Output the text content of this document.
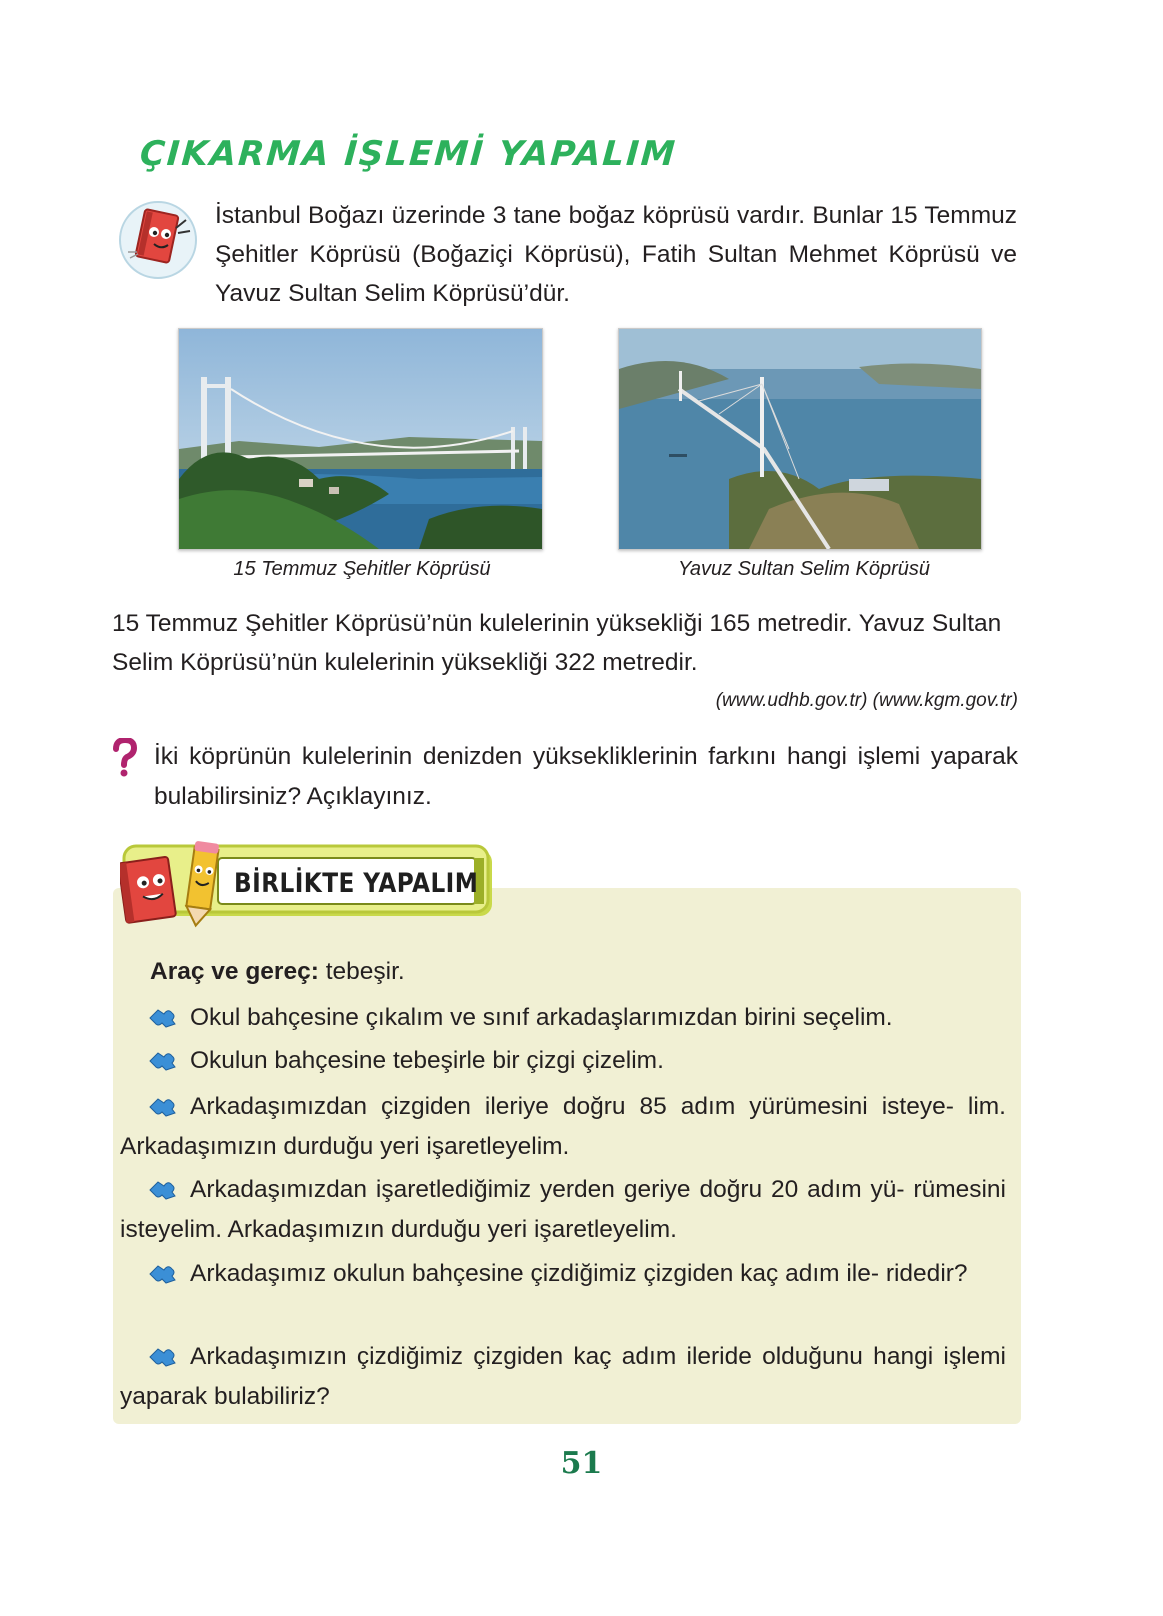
ÇIKARMA İŞLEMİ YAPALIM
İstanbul Boğazı üzerinde 3 tane boğaz köprüsü vardır. Bunlar 15 Temmuz Şehitler Köprüsü (Boğaziçi Köprüsü), Fatih Sultan Mehmet Köprüsü ve Yavuz Sultan Selim Köprüsü’dür.
15 Temmuz Şehitler Köprüsü	Yavuz Sultan Selim Köprüsü
15 Temmuz Şehitler Köprüsü’nün kulelerinin yüksekliği 165 metredir. Yavuz Sultan Selim Köprüsü’nün kulelerinin yüksekliği 322 metredir.
(www.udhb.gov.tr) (www.kgm.gov.tr)
İki köprünün kulelerinin denizden yüksekliklerinin farkını hangi işlemi yaparak bulabilirsiniz? Açıklayınız.
BİRLİKTE YAPALIM
Araç ve gereç: tebeşir.
Okul bahçesine çıkalım ve sınıf arkadaşlarımızdan birini seçelim.
Okulun bahçesine tebeşirle bir çizgi çizelim.
Arkadaşımızdan çizgiden ileriye doğru 85 adım yürümesini isteye- lim. Arkadaşımızın durduğu yeri işaretleyelim.
Arkadaşımızdan işaretlediğimiz yerden geriye doğru 20 adım yü- rümesini isteyelim. Arkadaşımızın durduğu yeri işaretleyelim.
Arkadaşımız okulun bahçesine çizdiğimiz çizgiden kaç adım ile- ridedir?
Arkadaşımızın çizdiğimiz çizgiden kaç adım ileride olduğunu hangi işlemi yaparak bulabiliriz?
51
